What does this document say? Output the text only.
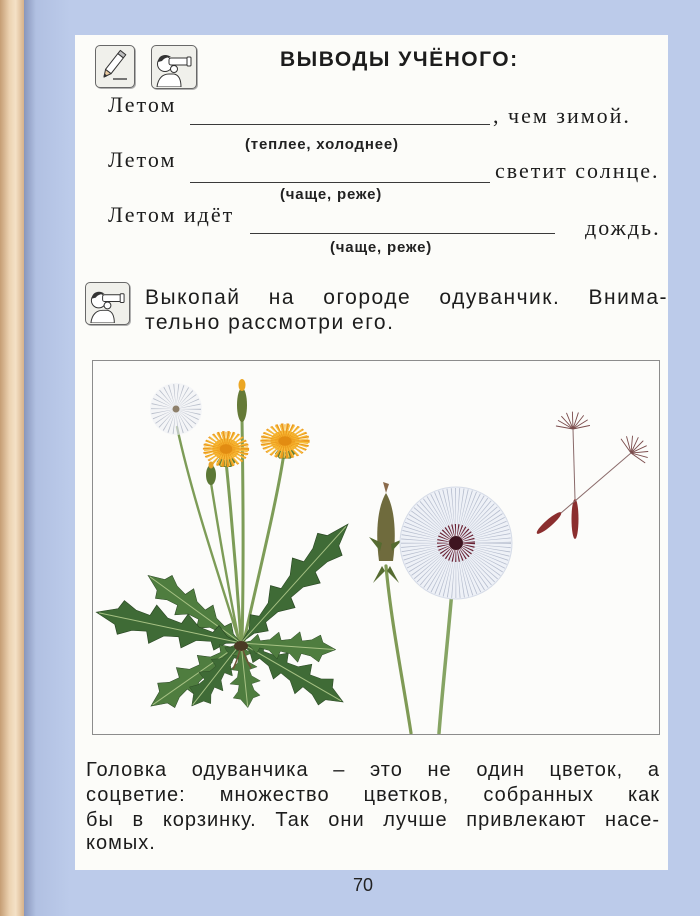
ВЫВОДЫ УЧЁНОГО:
Летом	, чем зимой.
(теплее, холоднее)
Летом	светит солнце.
(чаще, реже)
Летом идёт
дождь.
(чаще, реже)
Выкопай на огороде одуванчик. Внима-
тельно рассмотри его.
Головка одуванчика – это не один цветок, а
соцветие: множество цветков, собранных как
бы в корзинку. Так они лучше привлекают насе-
комых.
70
